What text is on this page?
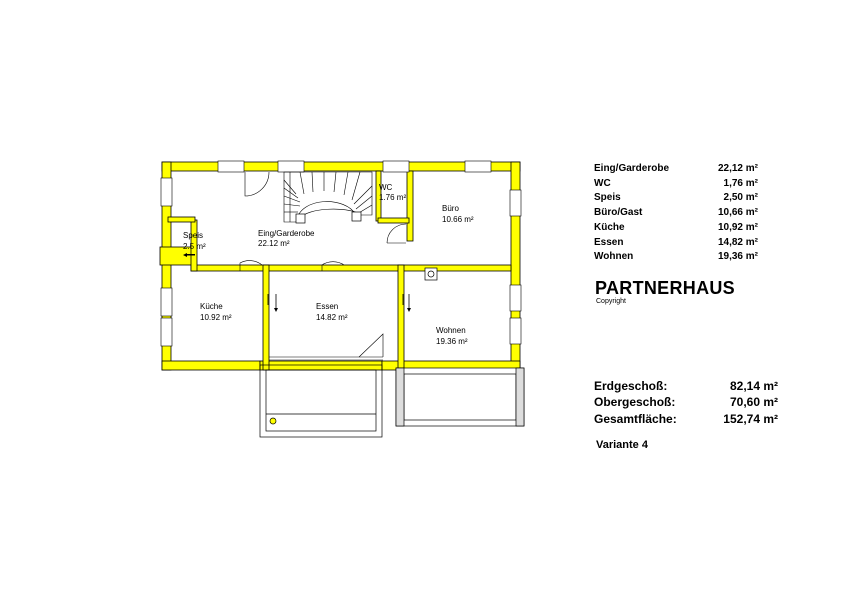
Eing/Garderobe
22.12 m²
WC
1.76 m²
Büro
10.66 m²
Speis
2.5 m²
Küche
10.92 m²
Essen
14.82 m²
Wohnen
19.36 m²
Eing/Garderobe	22,12 m²
WC	1,76 m²
Speis	2,50 m²
Büro/Gast	10,66 m²
Küche	10,92 m²
Essen	14,82 m²
Wohnen	19,36 m²
PARTNERHAUS
Copyright
Erdgeschoß:	82,14 m²
Obergeschoß:	70,60 m²
Gesamtfläche:	152,74 m²
Variante 4
